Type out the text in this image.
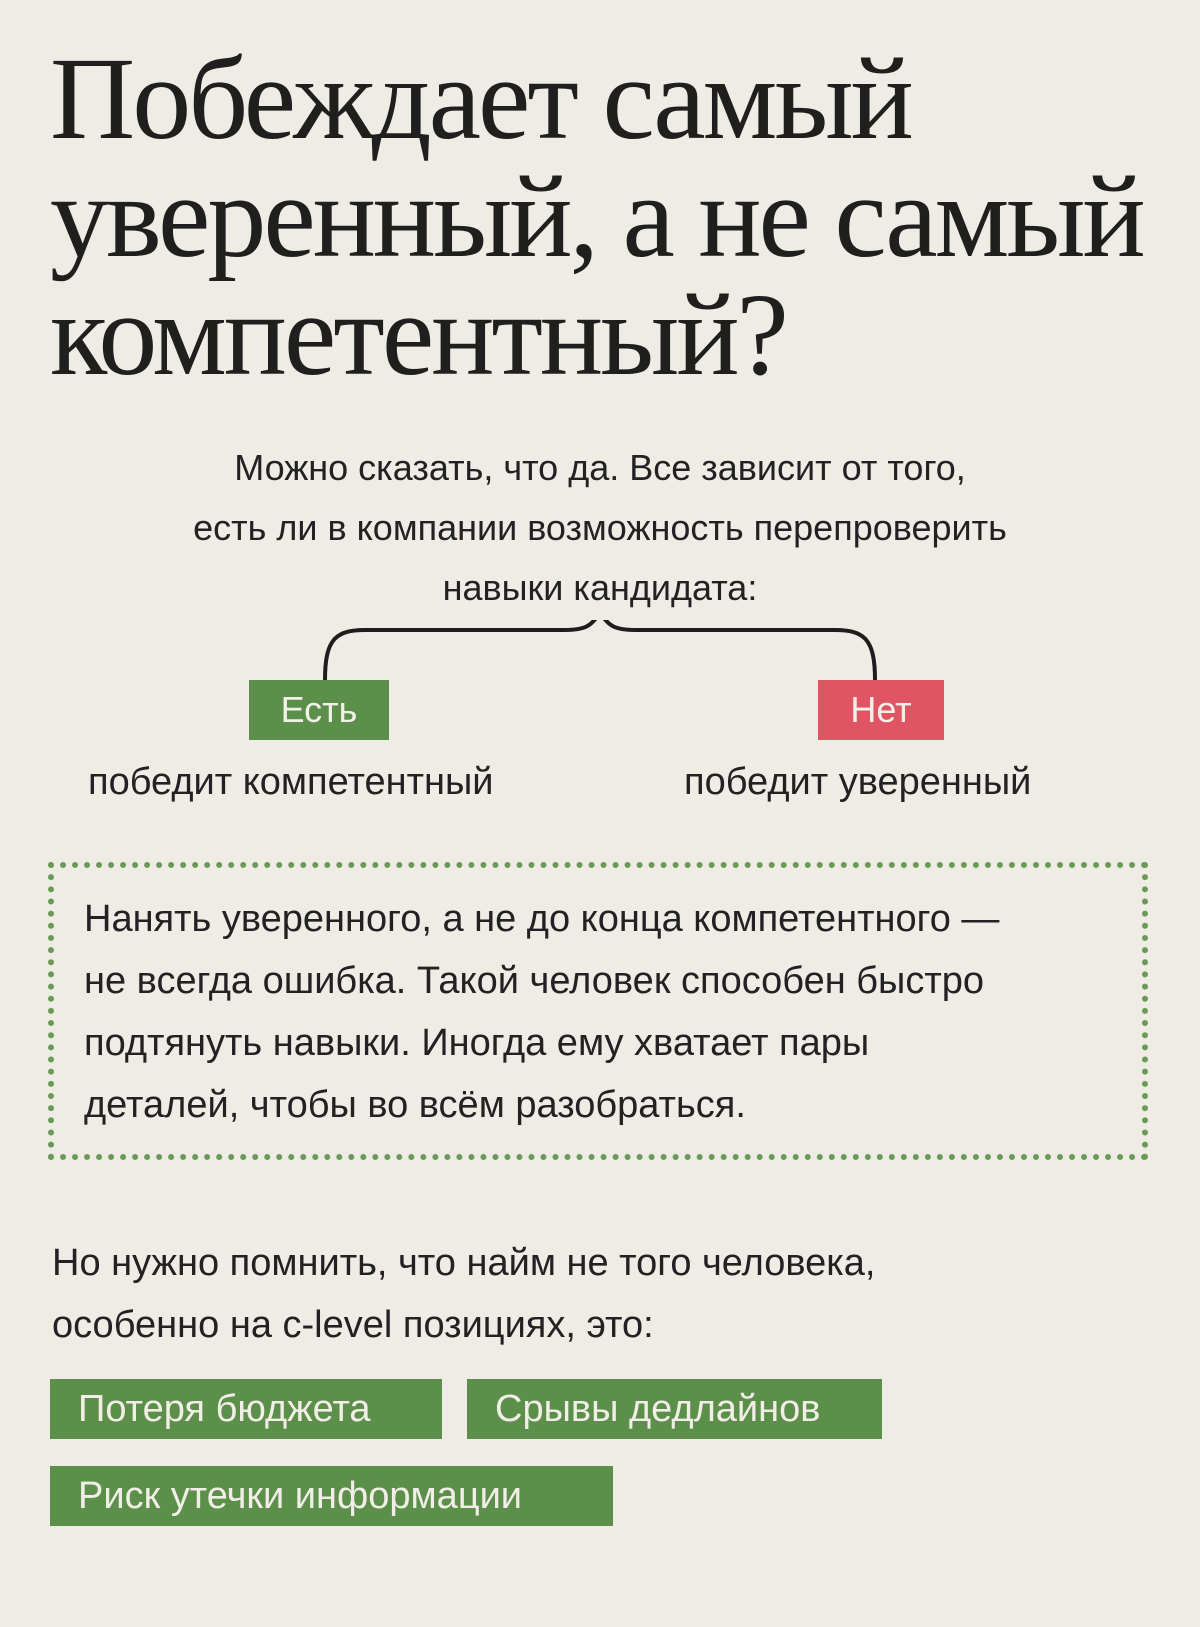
Побеждает самый
уверенный, а не самый
компетентный?
Можно сказать, что да. Все зависит от того,
есть ли в компании возможность перепроверить
навыки кандидата:
Есть	Нет
победит компетентный	победит уверенный
Нанять уверенного, а не до конца компетентного —
не всегда ошибка. Такой человек способен быстро
подтянуть навыки. Иногда ему хватает пары
деталей, чтобы во всём разобраться.
Но нужно помнить, что найм не того человека,
особенно на c-level позициях, это:
Потеря бюджета	Срывы дедлайнов
Риск утечки информации
